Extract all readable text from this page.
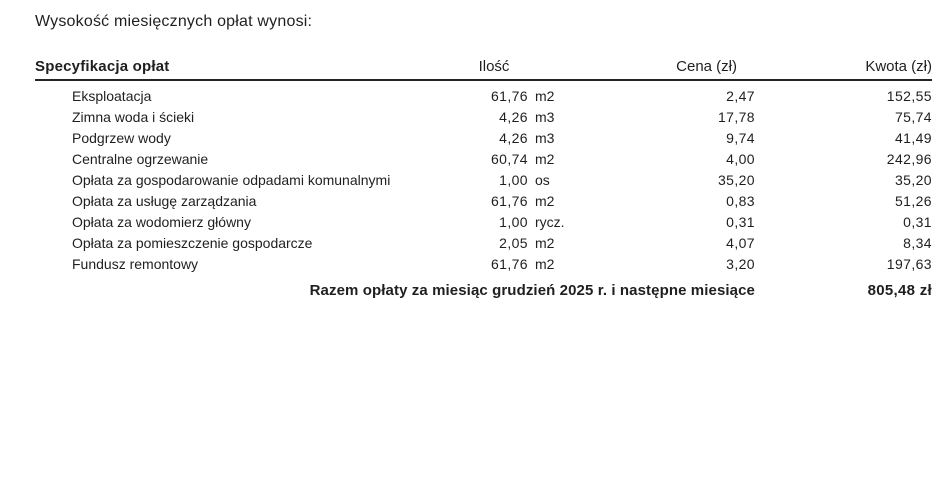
Wysokość miesięcznych opłat wynosi:

Specyfikacja opłat	Ilość	Cena (zł)	Kwota (zł)
Eksploatacja	61,76 m2	2,47	152,55
Zimna woda i ścieki	4,26 m3	17,78	75,74
Podgrzew wody	4,26 m3	9,74	41,49
Centralne ogrzewanie	60,74 m2	4,00	242,96
Opłata za gospodarowanie odpadami komunalnymi	1,00 os	35,20	35,20
Opłata za usługę zarządzania	61,76 m2	0,83	51,26
Opłata za wodomierz główny	1,00 rycz.	0,31	0,31
Opłata za pomieszczenie gospodarcze	2,05 m2	4,07	8,34
Fundusz remontowy	61,76 m2	3,20	197,63
Razem opłaty za miesiąc grudzień 2025 r. i następne miesiące	805,48 zł
